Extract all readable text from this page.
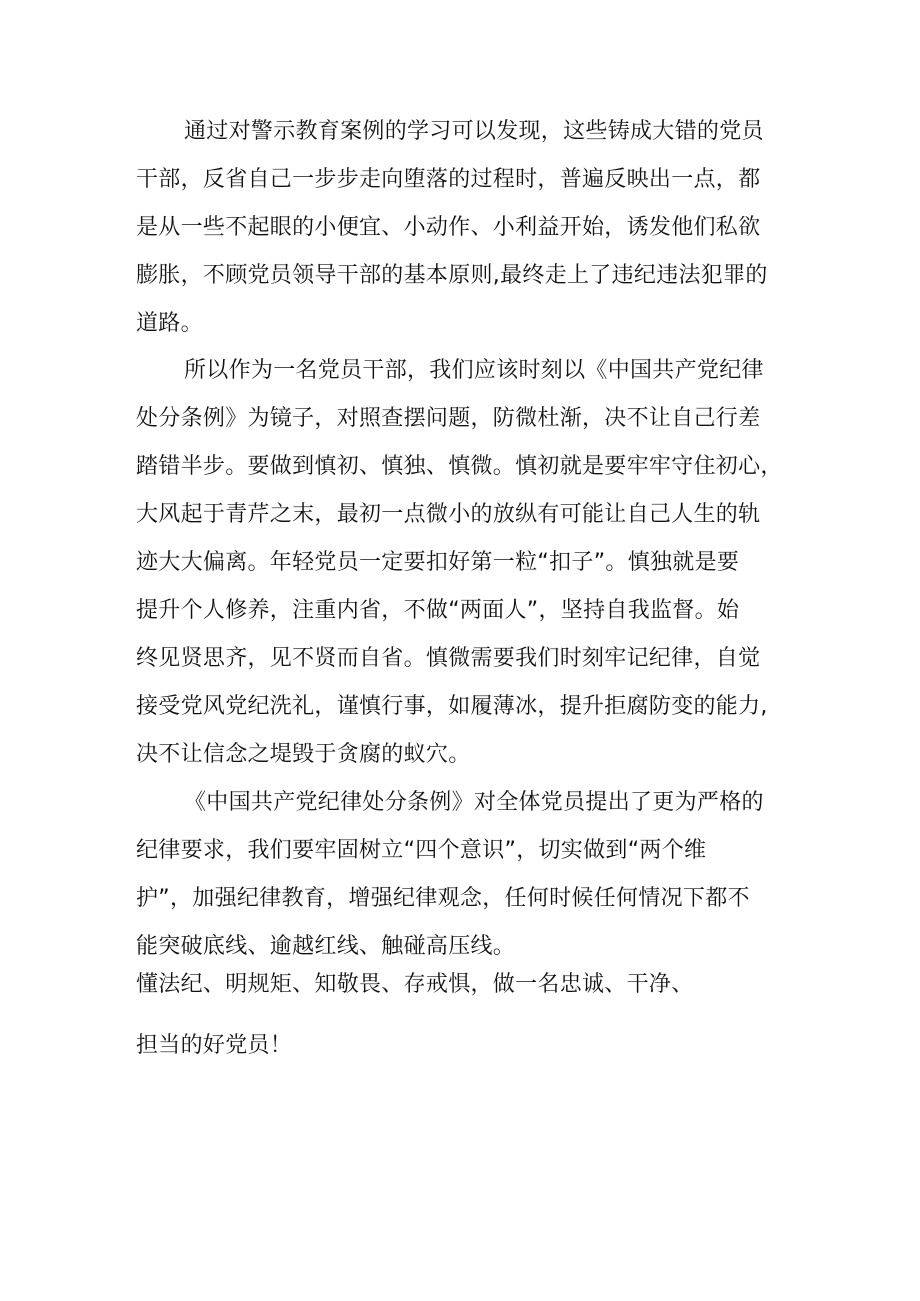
通过对警示教育案例的学习可以发现，这些铸成大错的党员
干部，反省自己一步步走向堕落的过程时，普遍反映出一点，都
是从一些不起眼的小便宜、小动作、小利益开始，诱发他们私欲
膨胀，不顾党员领导干部的基本原则,最终走上了违纪违法犯罪的
道路。
所以作为一名党员干部，我们应该时刻以《中国共产党纪律
处分条例》为镜子，对照查摆问题，防微杜渐，决不让自己行差
踏错半步。要做到慎初、慎独、慎微。慎初就是要牢牢守住初心，
大风起于青芹之末，最初一点微小的放纵有可能让自己人生的轨
迹大大偏离。年轻党员一定要扣好第一粒“扣子”。慎独就是要
提升个人修养，注重内省，不做“两面人”，坚持自我监督。始
终见贤思齐，见不贤而自省。慎微需要我们时刻牢记纪律，自觉
接受党风党纪洗礼，谨慎行事，如履薄冰，提升拒腐防变的能力,
决不让信念之堤毁于贪腐的蚁穴。
《中国共产党纪律处分条例》对全体党员提出了更为严格的
纪律要求，我们要牢固树立“四个意识”，切实做到“两个维
护”，加强纪律教育，增强纪律观念，任何时候任何情况下都不
能突破底线、逾越红线、触碰高压线。
懂法纪、明规矩、知敬畏、存戒惧，做一名忠诚、干净、
担当的好党员！
